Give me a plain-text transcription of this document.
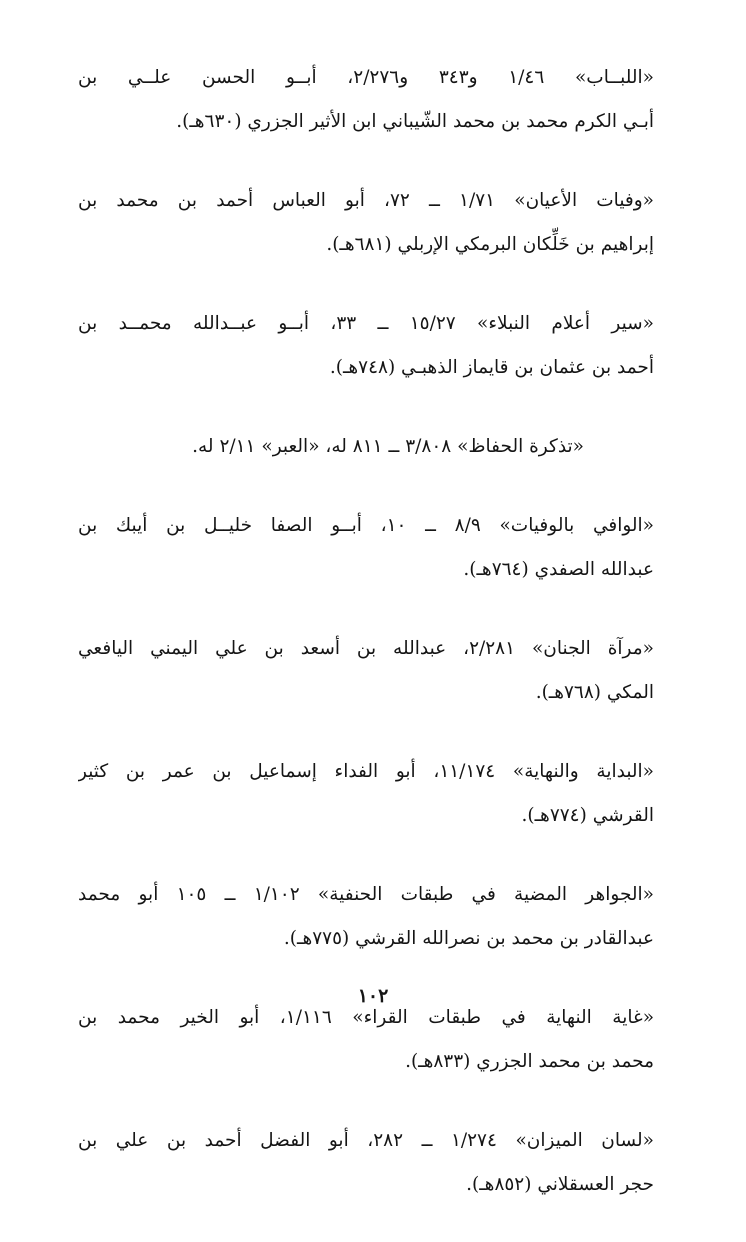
«اللبــاب» ١/٤٦ و٣٤٣ و٢/٢٧٦، أبــو الحسن علــي بن
أبـي الكرم محمد بن محمد الشّيباني ابن الأثير الجزري (٦٣٠هـ).
«وفيات الأعيان» ١/٧١ ــ ٧٢، أبو العباس أحمد بن محمد بن
إبراهيم بن خَلِّكان البرمكي الإربلي (٦٨١هـ).
«سير أعلام النبلاء» ١٥/٢٧ ــ ٣٣، أبــو عبــدالله محمــد بن
أحمد بن عثمان بن قايماز الذهبـي (٧٤٨هـ).
«تذكرة الحفاظ» ٣/٨٠٨ ــ ٨١١ له، «العبر» ٢/١١ له.
«الوافي بالوفيات» ٨/٩ ــ ١٠، أبــو الصفا خليــل بن أيبك بن
عبدالله الصفدي (٧٦٤هـ).
«مرآة الجنان» ٢/٢٨١، عبدالله بن أسعد بن علي اليمني اليافعي
المكي (٧٦٨هـ).
«البداية والنهاية» ١١/١٧٤، أبو الفداء إسماعيل بن عمر بن كثير
القرشي (٧٧٤هـ).
«الجواهر المضية في طبقات الحنفية» ١/١٠٢ ــ ١٠٥ أبو محمد
عبدالقادر بن محمد بن نصرالله القرشي (٧٧٥هـ).
«غاية النهاية في طبقات القراء» ١/١١٦، أبو الخير محمد بن
محمد بن محمد الجزري (٨٣٣هـ).
«لسان الميزان» ١/٢٧٤ ــ ٢٨٢، أبو الفضل أحمد بن علي بن
حجر العسقلاني (٨٥٢هـ).
١٠٢
